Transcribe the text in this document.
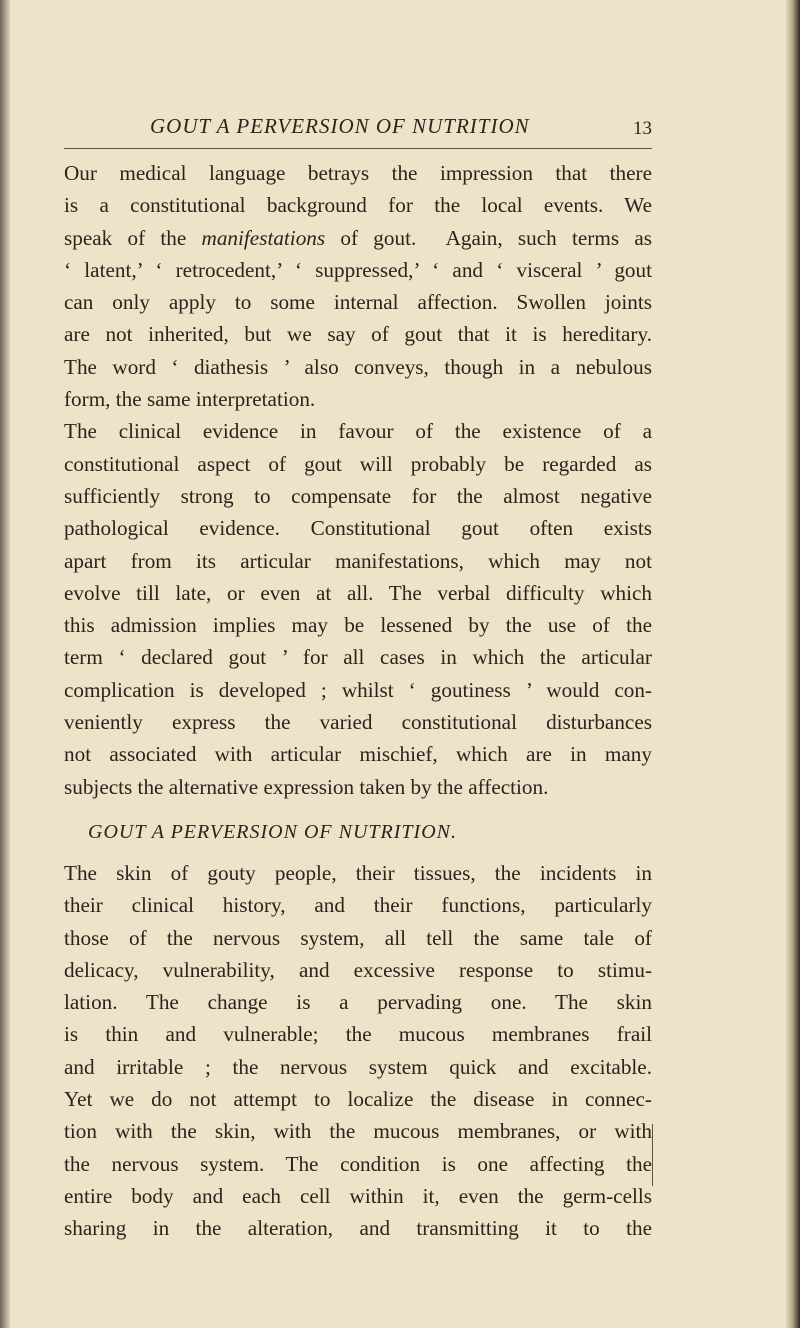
GOUT A PERVERSION OF NUTRITION	13

Our medical language betrays the impression that there
is a constitutional background for the local events. We
speak of the manifestations of gout.  Again, such terms as
‘ latent,’ ‘ retrocedent,’ ‘ suppressed,’ ‘ and ‘ visceral ’ gout
can only apply to some internal affection. Swollen joints
are not inherited, but we say of gout that it is hereditary.
The word ‘ diathesis ’ also conveys, though in a nebulous
form, the same interpretation.

The clinical evidence in favour of the existence of a
constitutional aspect of gout will probably be regarded as
sufficiently strong to compensate for the almost negative
pathological evidence. Constitutional gout often exists
apart from its articular manifestations, which may not
evolve till late, or even at all. The verbal difficulty which
this admission implies may be lessened by the use of the
term ‘ declared gout ’ for all cases in which the articular
complication is developed ; whilst ‘ goutiness ’ would con-
veniently express the varied constitutional disturbances
not associated with articular mischief, which are in many
subjects the alternative expression taken by the affection.

GOUT A PERVERSION OF NUTRITION.

The skin of gouty people, their tissues, the incidents in
their clinical history, and their functions, particularly
those of the nervous system, all tell the same tale of
delicacy, vulnerability, and excessive response to stimu-
lation. The change is a pervading one. The skin
is thin and vulnerable; the mucous membranes frail
and irritable ; the nervous system quick and excitable.
Yet we do not attempt to localize the disease in connec-
tion with the skin, with the mucous membranes, or with
the nervous system. The condition is one affecting the
entire body and each cell within it, even the germ-cells
sharing in the alteration, and transmitting it to the
